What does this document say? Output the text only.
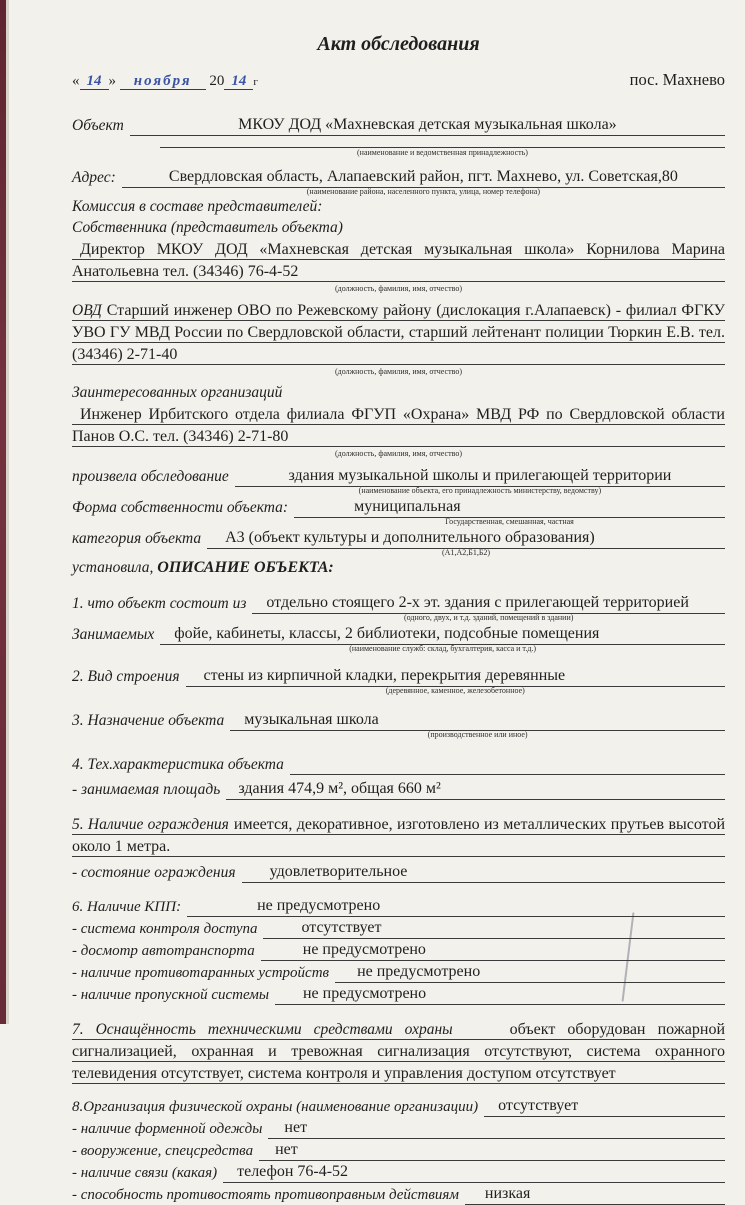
Акт обследования
« 14 » ноября 20 14 г	пос. Махнево
Объект	МКОУ ДОД «Махневская детская музыкальная школа»
(наименование и ведомственная принадлежность)
Адрес:	Свердловская область, Алапаевский район, пгт. Махнево, ул. Советская,80
(наименование района, населенного пункта, улица, номер телефона)
Комиссия в составе представителей:
Собственника (представитель объекта)
Директор МКОУ ДОД «Махневская детская музыкальная школа» Корнилова Марина Анатольевна тел. (34346) 76-4-52
(должность, фамилия, имя, отчество)
ОВД Старший инженер ОВО по Режевскому району (дислокация г.Алапаевск) - филиал ФГКУ УВО ГУ МВД России по Свердловской области, старший лейтенант полиции Тюркин Е.В. тел. (34346) 2-71-40
(должность, фамилия, имя, отчество)
Заинтересованных организаций
Инженер Ирбитского отдела филиала ФГУП «Охрана» МВД РФ по Свердловской области Панов О.С. тел. (34346) 2-71-80
(должность, фамилия, имя, отчество)
произвела обследование	здания музыкальной школы и прилегающей территории
(наименование объекта, его принадлежность министерству, ведомству)
Форма собственности объекта:	муниципальная
Государственная, смешанная, частная
категория объекта	А3 (объект культуры и дополнительного образования)
(А1,А2,Б1,Б2)
установила, ОПИСАНИЕ ОБЪЕКТА:
1. что объект состоит из	отдельно стоящего 2-х эт. здания с прилегающей территорией
(одного, двух, и т.д. зданий, помещений в здании)
Занимаемых	фойе, кабинеты, классы, 2 библиотеки, подсобные помещения
(наименование служб: склад, бухгалтерия, касса и т.д.)
2. Вид строения	стены из кирпичной кладки, перекрытия деревянные
(деревянное, каменное, железобетонное)
3. Назначение объекта	музыкальная школа
(производственное или иное)
4. Тех.характеристика объекта
- занимаемая площадь	здания 474,9 м², общая 660 м²
5. Наличие ограждения имеется, декоративное, изготовлено из металлических прутьев высотой около 1 метра.
- состояние ограждения	удовлетворительное
6. Наличие КПП:	не предусмотрено
- система контроля доступа	отсутствует
- досмотр автотранспорта	не предусмотрено
- наличие противотаранных устройств	не предусмотрено
- наличие пропускной системы	не предусмотрено
7. Оснащённость техническими средствами охраны	объект оборудован пожарной сигнализацией, охранная и тревожная сигнализация отсутствуют, система охранного телевидения отсутствует, система контроля и управления доступом отсутствует
8.Организация физической охраны (наименование организации)	отсутствует
- наличие форменной одежды	нет
- вооружение, спецсредства	нет
- наличие связи (какая)	телефон 76-4-52
- способность противостоять противоправным действиям	низкая
